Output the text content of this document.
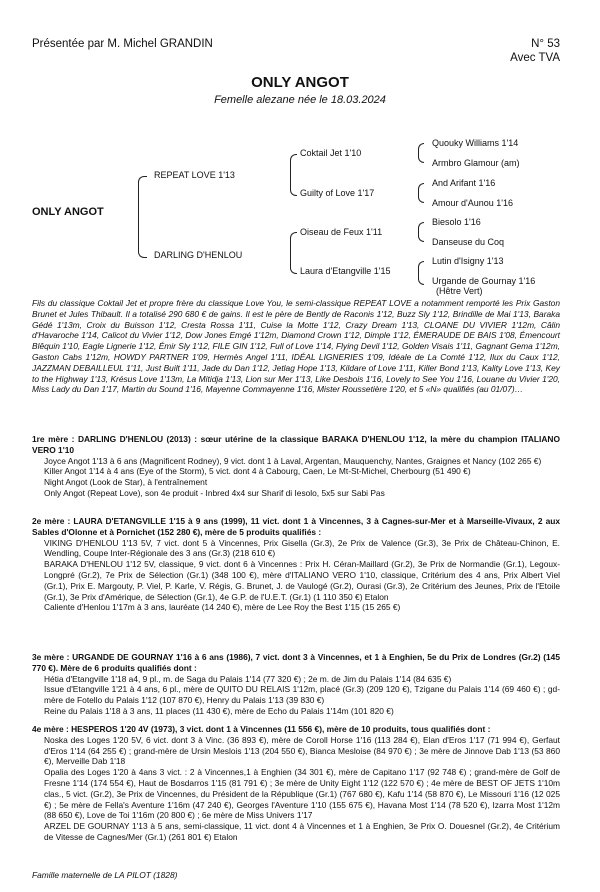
Présentée par M. Michel GRANDIN	N° 53
Avec TVA
ONLY ANGOT
Femelle alezane née le 18.03.2024
ONLY ANGOT
REPEAT LOVE 1'13
DARLING D'HENLOU
Coktail Jet 1'10
Guilty of Love 1'17
Oiseau de Feux 1'11
Laura d'Etangville 1'15
Quouky Williams 1'14
Armbro Glamour (am)
And Arifant 1'16
Amour d'Aunou 1'16
Biesolo 1'16
Danseuse du Coq
Lutin d'Isigny 1'13
Urgande de Gournay 1'16
(Hêtre Vert)
Fils du classique Coktail Jet et propre frère du classique Love You, le semi-classique REPEAT LOVE a notamment remporté les Prix Gaston Brunet et Jules Thibault. Il a totalisé 290 680 € de gains. Il est le père de Bently de Raconis 1'12, Buzz Sly 1'12, Brindille de Mai 1'13, Baraka Gédé 1'13m, Croix du Buisson 1'12, Cresta Rossa 1'11, Cuise la Motte 1'12, Crazy Dream 1'13, CLOANE DU VIVIER 1'12m, Câlin d'Havaroche 1'14, Calicot du Vivier 1'12, Dow Jones Emgé 1'12m, Diamond Crown 1'12, Dimple 1'12, ÉMERAUDE DE BAIS 1'08, Émencourt Blêquin 1'10, Eagle Lignerie 1'12, Émir Sly 1'12, FILE GIN 1'12, Full of Love 1'14, Flying Devil 1'12, Golden Visais 1'11, Gagnant Gema 1'12m, Gaston Cabs 1'12m, HOWDY PARTNER 1'09, Hermès Angel 1'11, IDÉAL LIGNERIES 1'09, Idéale de La Comté 1'12, Ilux du Caux 1'12, JAZZMAN DEBAILLEUL 1'11, Just Built 1'11, Jade du Dan 1'12, Jetlag Hope 1'13, Kildare of Love 1'11, Killer Bond 1'13, Kality Love 1'13, Key to the Highway 1'13, Krésus Love 1'13m, La Mitidja 1'13, Lion sur Mer 1'13, Like Desbois 1'16, Lovely to See You 1'16, Louane du Vivier 1'20, Miss Lady du Dan 1'17, Martin du Sound 1'16, Mayenne Commayenne 1'16, Mister Roussetière 1'20, et 5 «N» qualifiés (au 01/07)…
1re mère : DARLING D'HENLOU (2013) : sœur utérine de la classique BARAKA D'HENLOU 1'12, la mère du champion ITALIANO VERO 1'10
Joyce Angot 1'13 à 6 ans (Magnificent Rodney), 9 vict. dont 1 à Laval, Argentan, Mauquenchy, Nantes, Graignes et Nancy (102 265 €)
Killer Angot 1'14 à 4 ans (Eye of the Storm), 5 vict. dont 4 à Cabourg, Caen, Le Mt-St-Michel, Cherbourg (51 490 €)
Night Angot (Look de Star), à l'entraînement
Only Angot (Repeat Love), son 4e produit - Inbred 4x4 sur Sharif di Iesolo, 5x5 sur Sabi Pas
2e mère : LAURA D'ETANGVILLE 1'15 à 9 ans (1999), 11 vict. dont 1 à Vincennes, 3 à Cagnes-sur-Mer et à Marseille-Vivaux, 2 aux Sables d'Olonne et à Pornichet (152 280 €), mère de 5 produits qualifiés :
VIKING D'HENLOU 1'13 5V, 7 vict. dont 5 à Vincennes, Prix Gisella (Gr.3), 2e Prix de Valence (Gr.3), 3e Prix de Château-Chinon, E. Wendling, Coupe Inter-Régionale des 3 ans (Gr.3) (218 610 €)
BARAKA D'HENLOU 1'12 5V, classique, 9 vict. dont 6 à Vincennes : Prix H. Céran-Maillard (Gr.2), 3e Prix de Normandie (Gr.1), Legoux-Longpré (Gr.2), 7e Prix de Sélection (Gr.1) (348 100 €), mère d'ITALIANO VERO 1'10, classique, Critérium des 4 ans, Prix Albert Viel (Gr.1), Prix E. Margouty, P. Viel, P. Karle, V. Régis, G. Brunet, J. de Vaulogé (Gr.2), Ourasi (Gr.3), 2e Critérium des Jeunes, Prix de l'Etoile (Gr.1), 3e Prix d'Amérique, de Sélection (Gr.1), 4e G.P. de l'U.E.T. (Gr.1) (1 110 350 €) Etalon
Caliente d'Henlou 1'17m à 3 ans, lauréate (14 240 €), mère de Lee Roy the Best 1'15 (15 265 €)
3e mère : URGANDE DE GOURNAY 1'16 à 6 ans (1986), 7 vict. dont 3 à Vincennes, et 1 à Enghien, 5e du Prix de Londres (Gr.2) (145 770 €). Mère de 6 produits qualifiés dont :
Hétia d'Etangville 1'18 a4, 9 pl., m. de Saga du Palais 1'14 (77 320 €) ; 2e m. de Jim du Palais 1'14 (84 635 €)
Issue d'Etangville 1'21 à 4 ans, 6 pl., mère de QUITO DU RELAIS 1'12m, placé (Gr.3) (209 120 €), Tzigane du Palais 1'14 (69 460 €) ; gd-mère de Fotello du Palais 1'12 (107 870 €), Henry du Palais 1'13 (39 830 €)
Reine du Palais 1'18 à 3 ans, 11 places (11 430 €), mère de Echo du Palais 1'14m (101 820 €)
4e mère : HESPEROS 1'20 4V (1973), 3 vict. dont 1 à Vincennes (11 556 €), mère de 10 produits, tous qualifiés dont :
Noska des Loges 1'20 5V, 6 vict. dont 3 à Vinc. (36 893 €), mère de Coroll Horse 1'16 (113 284 €), Elan d'Eros 1'17 (71 994 €), Gerfaut d'Eros 1'14 (64 255 €) ; grand-mère de Ursin Meslois 1'13 (204 550 €), Bianca Mesloise (84 970 €) ; 3e mère de Jinnove Dab 1'13 (53 860 €), Merveille Dab 1'18
Opalia des Loges 1'20 à 4ans 3 vict. : 2 à Vincennes,1 à Enghien (34 301 €), mère de Capitano 1'17 (92 748 €) ; grand-mère de Golf de Fresne 1'14 (174 554 €), Haut de Bosdarros 1'15 (81 791 €) ; 3e mère de Unity Eight 1'12 (122 570 €) ; 4e mère de BEST OF JETS 1'10m clas., 5 vict. (Gr.2), 3e Prix de Vincennes, du Président de la République (Gr.1) (767 680 €), Kafu 1'14 (58 870 €), Le Missouri 1'16 (12 025 €) ; 5e mère de Fella's Aventure 1'16m (47 240 €), Georges l'Aventure 1'10 (155 675 €), Havana Most 1'14 (78 520 €), Izarra Most 1'12m (88 650 €), Love de Toi 1'16m (20 800 €) ; 6e mère de Miss Univers 1'17
ARZEL DE GOURNAY 1'13 à 5 ans, semi-classique, 11 vict. dont 4 à Vincennes et 1 à Enghien, 3e Prix O. Douesnel (Gr.2), 4e Critérium de Vitesse de Cagnes/Mer (Gr.1) (261 801 €) Etalon
Famille maternelle de LA PILOT (1828)
